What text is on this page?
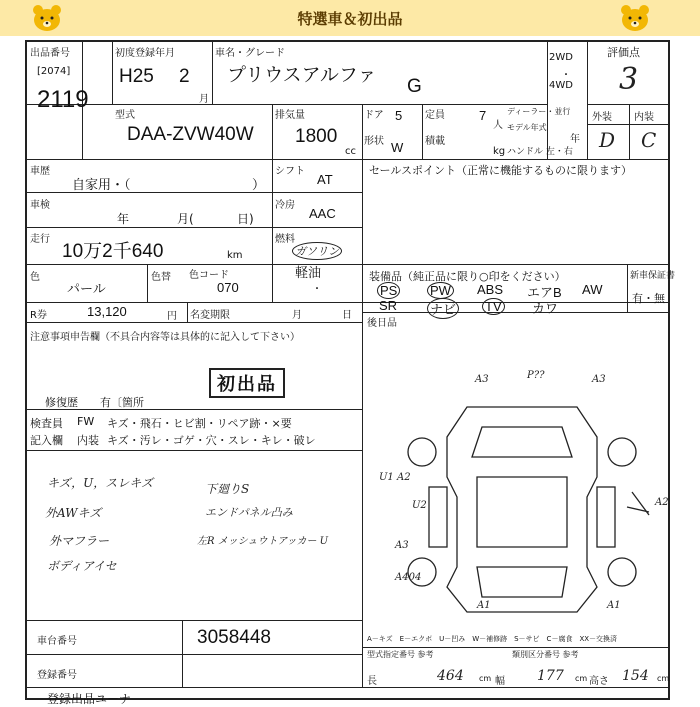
特選車＆初出品
出品番号
[2074]
2119
初度登録年月
H25 2
月
車名・グレード
プリウスアルファ
G
2WD
・
4WD
評価点
3
外装 内装
D C
型式
DAA-ZVW40W
排気量
1800
cc
ドア 5 定員	7
人
形状 W 積載
kg
ディーラー・並行
モデル年式
年
ハンドル 左・右
車歴
自家用・（	）
シフト
AT
セールスポイント（正常に機能するものに限ります）
車検
年	月(	日)
冷房
AAC
走行
10万2千640	km
燃料
ガソリン
軽油
・
色
パール
色替 色コード
070
装備品（純正品に限り○印をください）
PS	PW ABS エアB AW
SR	ナビ TV カワ
新車保証書
有・無
R券	13,120	円 名変期限	月	日
後日品
注意事項申告欄（不具合内容等は具体的に記入して下さい）
初出品
修復歴　　有〔箇所
検査員 FW キズ・飛石・ヒビ割・リペア跡・×要
記入欄 内装 キズ・汚レ・ゴゲ・穴・スレ・キレ・破レ
キズ，U，スレキズ
外AWキズ
外マフラー
ボディアイセ
下廻りS
エンドパネル凸み
左R メッシュウトアッカー U
A3	P??	A3
U1 A2
U2	A2
A3
A404
A1	A1
A－キズ　E－エクボ　U－凹み　W－補修跡　S－サビ　C－腐食　XX－交換済
車台番号	3058448
登録番号
型式指定番号 参考	類別区分番号 参考
長	464 cm 幅 177 cm 高さ 154 cm
登録出品ユ－ナ
